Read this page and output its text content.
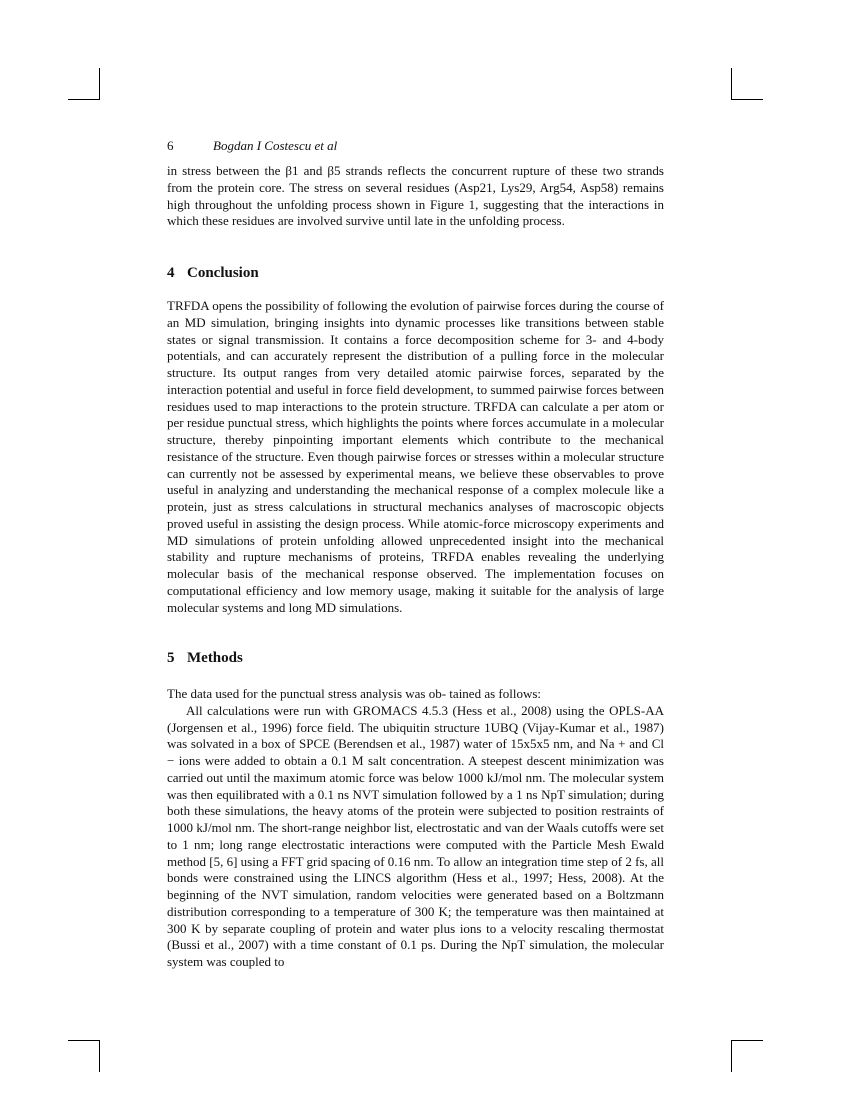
6	Bogdan I Costescu et al

in stress between the β1 and β5 strands reflects the concurrent rupture of these two strands from the protein core. The stress on several residues (Asp21, Lys29, Arg54, Asp58) remains high throughout the unfolding process shown in Figure 1, suggesting that the interactions in which these residues are involved survive until late in the unfolding process.

4 Conclusion

TRFDA opens the possibility of following the evolution of pairwise forces during the course of an MD simulation, bringing insights into dynamic processes like transitions between stable states or signal transmission. It contains a force decomposition scheme for 3- and 4-body potentials, and can accurately represent the distribution of a pulling force in the molecular structure. Its output ranges from very detailed atomic pairwise forces, separated by the interaction potential and useful in force field development, to summed pairwise forces between residues used to map interactions to the protein structure. TRFDA can calculate a per atom or per residue punctual stress, which highlights the points where forces accumulate in a molecular structure, thereby pinpointing important elements which contribute to the mechanical resistance of the structure. Even though pairwise forces or stresses within a molecular structure can currently not be assessed by experimental means, we believe these observables to prove useful in analyzing and understanding the mechanical response of a complex molecule like a protein, just as stress calculations in structural mechanics analyses of macroscopic objects proved useful in assisting the design process. While atomic-force microscopy experiments and MD simulations of protein unfolding allowed unprecedented insight into the mechanical stability and rupture mechanisms of proteins, TRFDA enables revealing the underlying molecular basis of the mechanical response observed. The implementation focuses on computational efficiency and low memory usage, making it suitable for the analysis of large molecular systems and long MD simulations.

5 Methods

The data used for the punctual stress analysis was ob- tained as follows:

All calculations were run with GROMACS 4.5.3 (Hess et al., 2008) using the OPLS-AA (Jorgensen et al., 1996) force field. The ubiquitin structure 1UBQ (Vijay-Kumar et al., 1987) was solvated in a box of SPCE (Berendsen et al., 1987) water of 15x5x5 nm, and Na + and Cl − ions were added to obtain a 0.1 M salt concentration. A steepest descent minimization was carried out until the maximum atomic force was below 1000 kJ/mol nm. The molecular system was then equilibrated with a 0.1 ns NVT simulation followed by a 1 ns NpT simulation; during both these simulations, the heavy atoms of the protein were subjected to position restraints of 1000 kJ/mol nm. The short-range neighbor list, electrostatic and van der Waals cutoffs were set to 1 nm; long range electrostatic interactions were computed with the Particle Mesh Ewald method [5, 6] using a FFT grid spacing of 0.16 nm. To allow an integration time step of 2 fs, all bonds were constrained using the LINCS algorithm (Hess et al., 1997; Hess, 2008). At the beginning of the NVT simulation, random velocities were generated based on a Boltzmann distribution corresponding to a temperature of 300 K; the temperature was then maintained at 300 K by separate coupling of protein and water plus ions to a velocity rescaling thermostat (Bussi et al., 2007) with a time constant of 0.1 ps. During the NpT simulation, the molecular system was coupled to
